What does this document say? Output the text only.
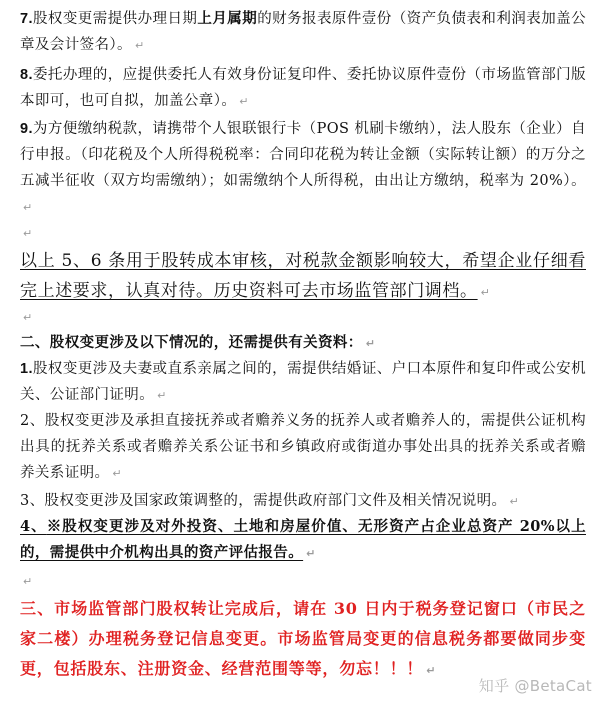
7.股权变更需提供办理日期上月属期的财务报表原件壹份（资产负债表和利润表加盖公章及会计签名）。 ↵
8.委托办理的，应提供委托人有效身份证复印件、委托协议原件壹份（市场监管部门版本即可，也可自拟，加盖公章）。 ↵
9.为方便缴纳税款，请携带个人银联银行卡（POS 机刷卡缴纳），法人股东（企业）自行申报。（印花税及个人所得税税率：合同印花税为转让金额（实际转让额）的万分之五减半征收（双方均需缴纳）；如需缴纳个人所得税，由出让方缴纳，税率为 20%）。↵
↵
以上 5、6 条用于股转成本审核，对税款金额影响较大，希望企业仔细看完上述要求，认真对待。历史资料可去市场监管部门调档。 ↵
↵
二、股权变更涉及以下情况的，还需提供有关资料： ↵
1.股权变更涉及夫妻或直系亲属之间的，需提供结婚证、户口本原件和复印件或公安机关、公证部门证明。 ↵
2、股权变更涉及承担直接抚养或者赡养义务的抚养人或者赡养人的，需提供公证机构出具的抚养关系或者赡养关系公证书和乡镇政府或街道办事处出具的抚养关系或者赡养关系证明。 ↵
3、股权变更涉及国家政策调整的，需提供政府部门文件及相关情况说明。 ↵
4、※股权变更涉及对外投资、土地和房屋价值、无形资产占企业总资产 20%以上的，需提供中介机构出具的资产评估报告。 ↵
↵
三、市场监管部门股权转让完成后，请在 30 日内于税务登记窗口（市民之家二楼）办理税务登记信息变更。市场监管局变更的信息税务都要做同步变更，包括股东、注册资金、经营范围等等，勿忘！！！ ↵
知乎 @BetaCat
